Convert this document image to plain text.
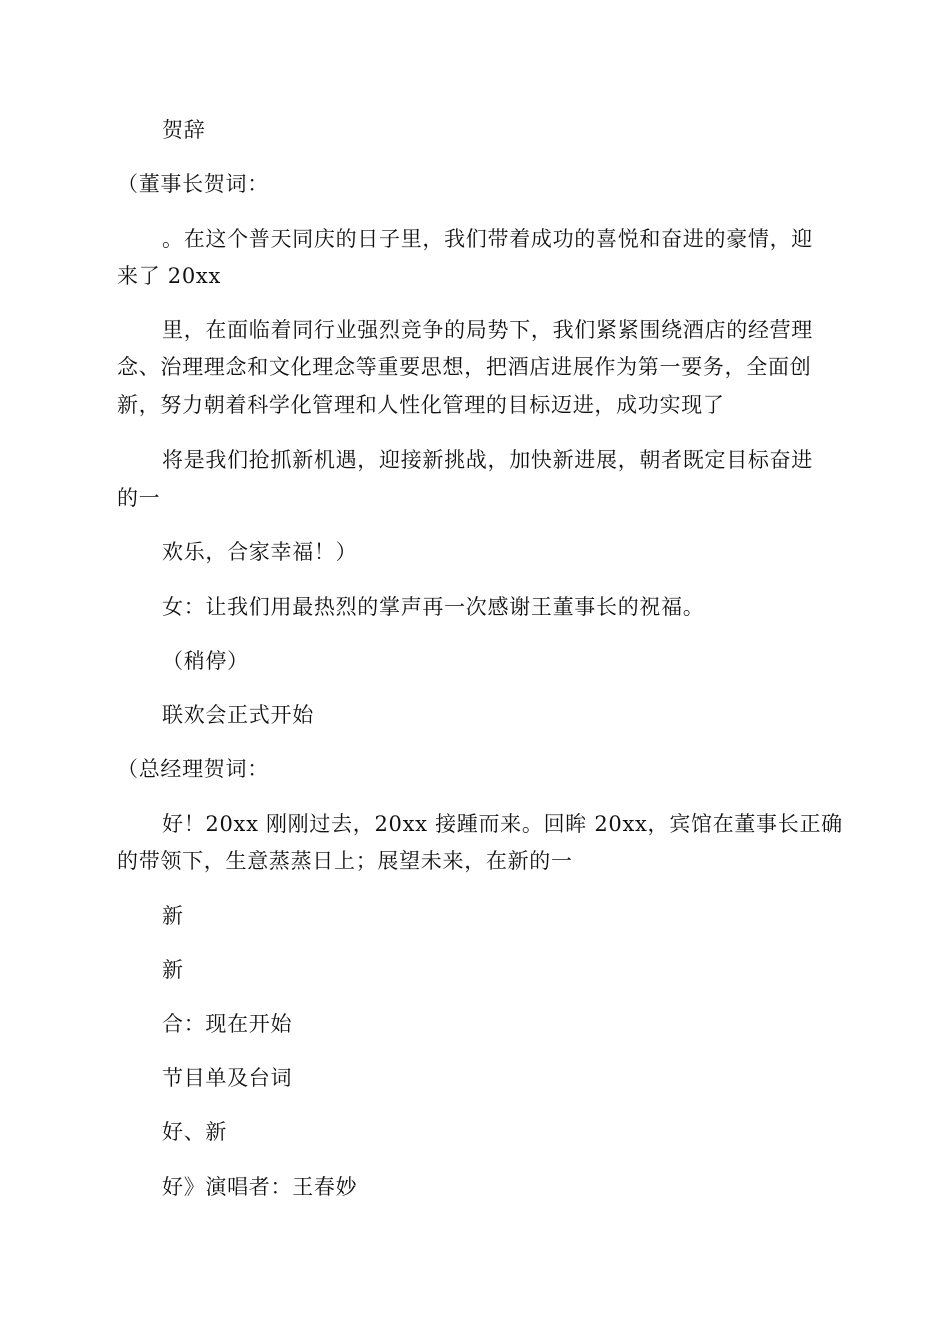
贺辞
（董事长贺词：
。在这个普天同庆的日子里，我们带着成功的喜悦和奋进的豪情，迎
来了 20xx
里，在面临着同行业强烈竞争的局势下，我们紧紧围绕酒店的经营理
念、治理理念和文化理念等重要思想，把酒店进展作为第一要务，全面创
新，努力朝着科学化管理和人性化管理的目标迈进，成功实现了
将是我们抢抓新机遇，迎接新挑战，加快新进展，朝者既定目标奋进
的一
欢乐，合家幸福！）
女：让我们用最热烈的掌声再一次感谢王董事长的祝福。
（稍停）
联欢会正式开始
（总经理贺词：
好！20xx 刚刚过去，20xx 接踵而来。回眸 20xx，宾馆在董事长正确
的带领下，生意蒸蒸日上；展望未来，在新的一
新
新
合：现在开始
节目单及台词
好、新
好》演唱者：王春妙
